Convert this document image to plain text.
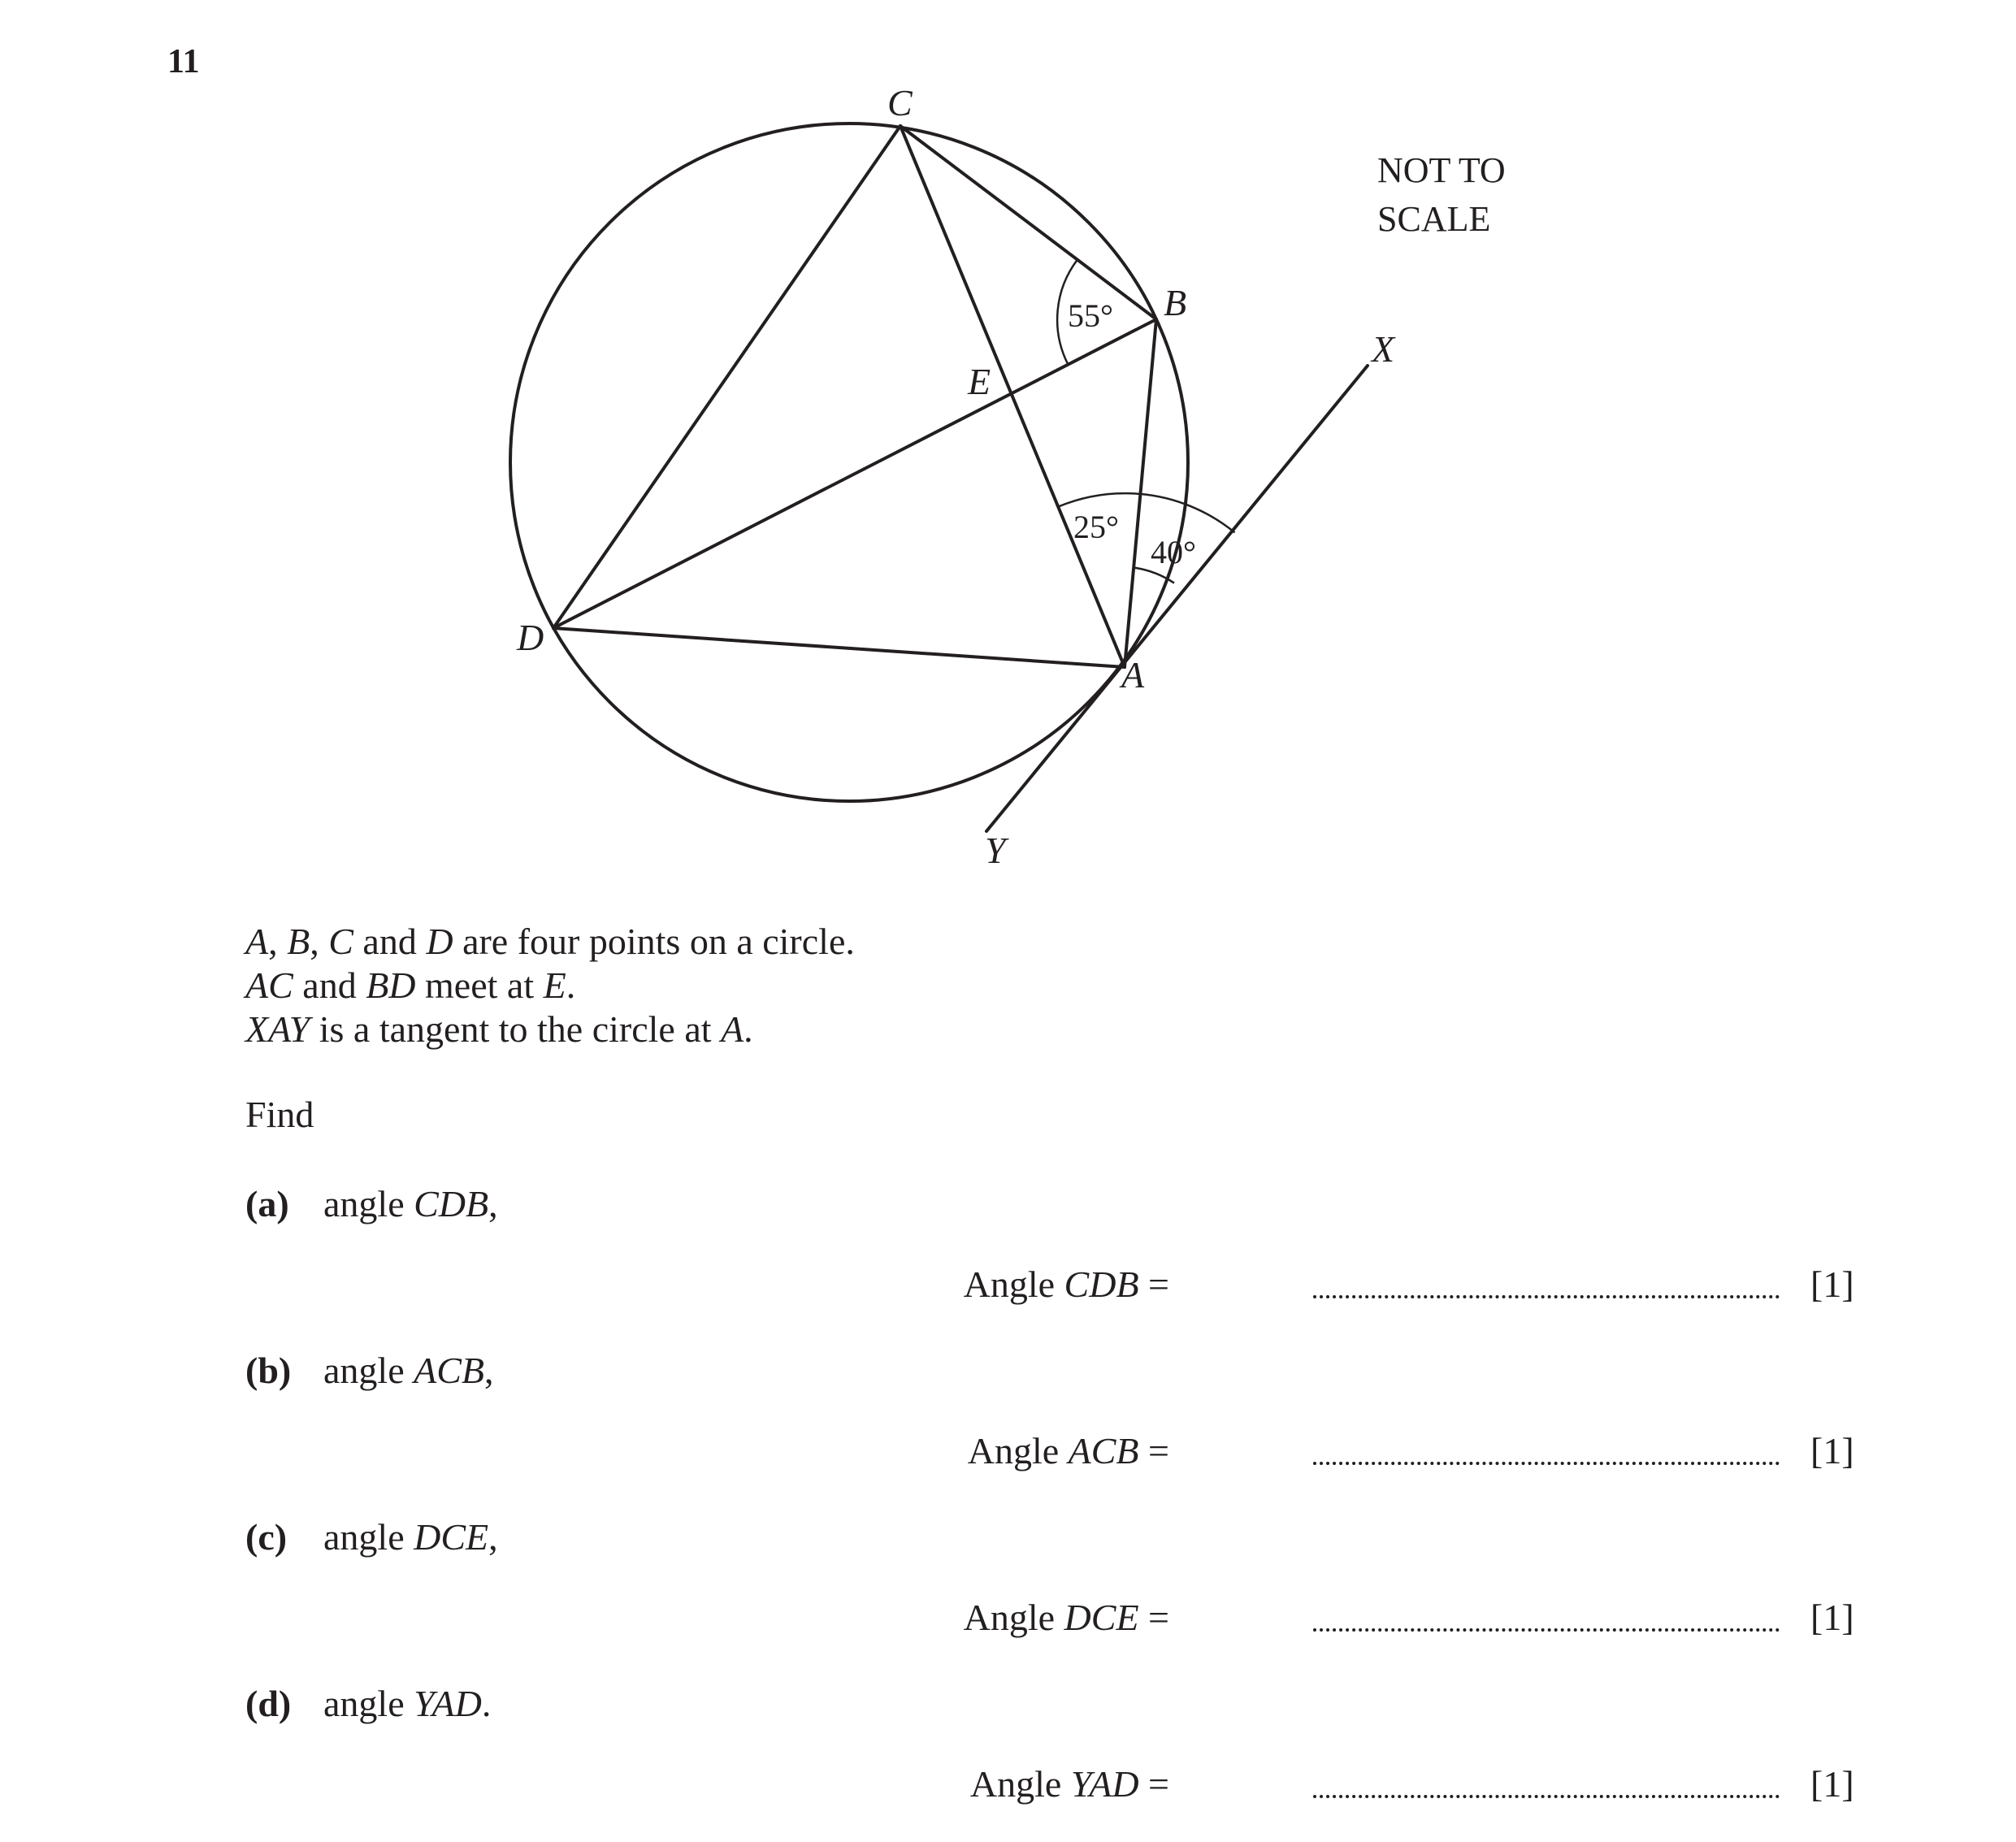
11
C
B
X
E
D
A
Y
55°
25°
40°
NOT TO
SCALE
A, B, C and D are four points on a circle.
AC and BD meet at E.
XAY is a tangent to the circle at A.
Find
(a) angle CDB,
Angle CDB =	[1]
(b) angle ACB,
Angle ACB =	[1]
(c) angle DCE,
Angle DCE =	[1]
(d) angle YAD.
Angle YAD =	[1]
